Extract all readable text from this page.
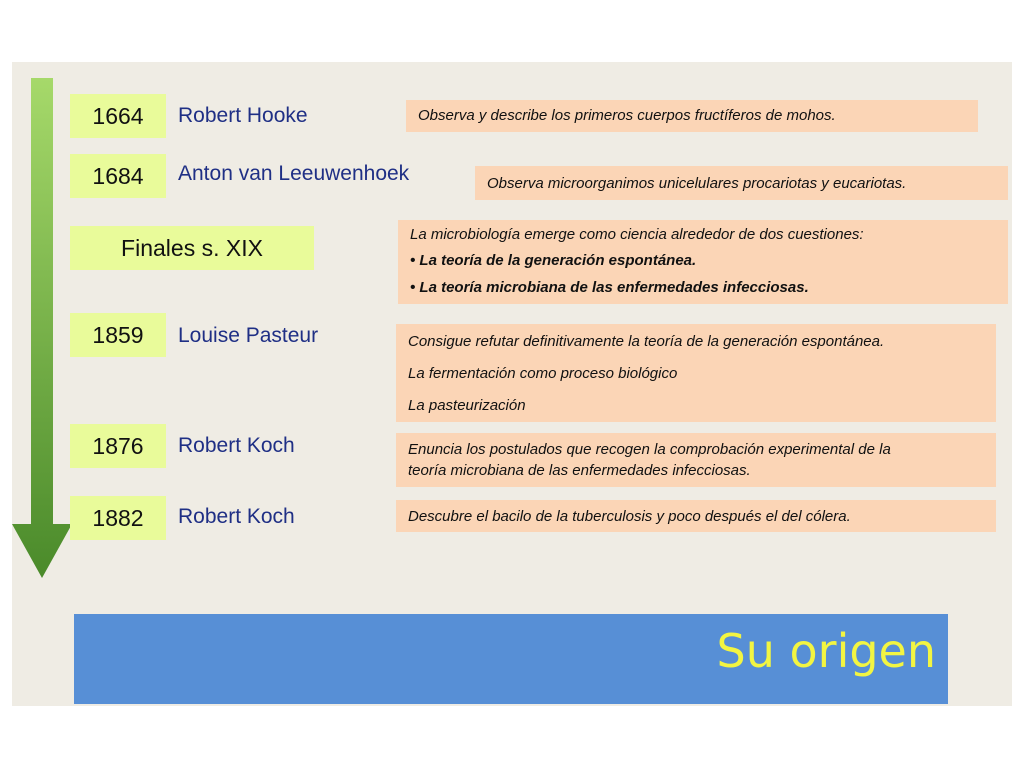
1664 Robert Hooke	Observa y describe los primeros cuerpos fructíferos de mohos.
1684 Anton van Leeuwenhoek	Observa microorganimos unicelulares procariotas y eucariotas.
Finales s. XIX	La microbiología emerge como ciencia alrededor de dos cuestiones:
• La teoría de la generación espontánea.
• La teoría microbiana de las enfermedades infecciosas.
1859 Louise Pasteur	Consigue refutar definitivamente la teoría de la generación espontánea.
La fermentación como proceso biológico
La pasteurización
1876 Robert Koch	Enuncia los postulados que recogen la comprobación experimental de la
teoría microbiana de las enfermedades infecciosas.
1882 Robert Koch	Descubre el bacilo de la tuberculosis y poco después el del cólera.
Su origen
